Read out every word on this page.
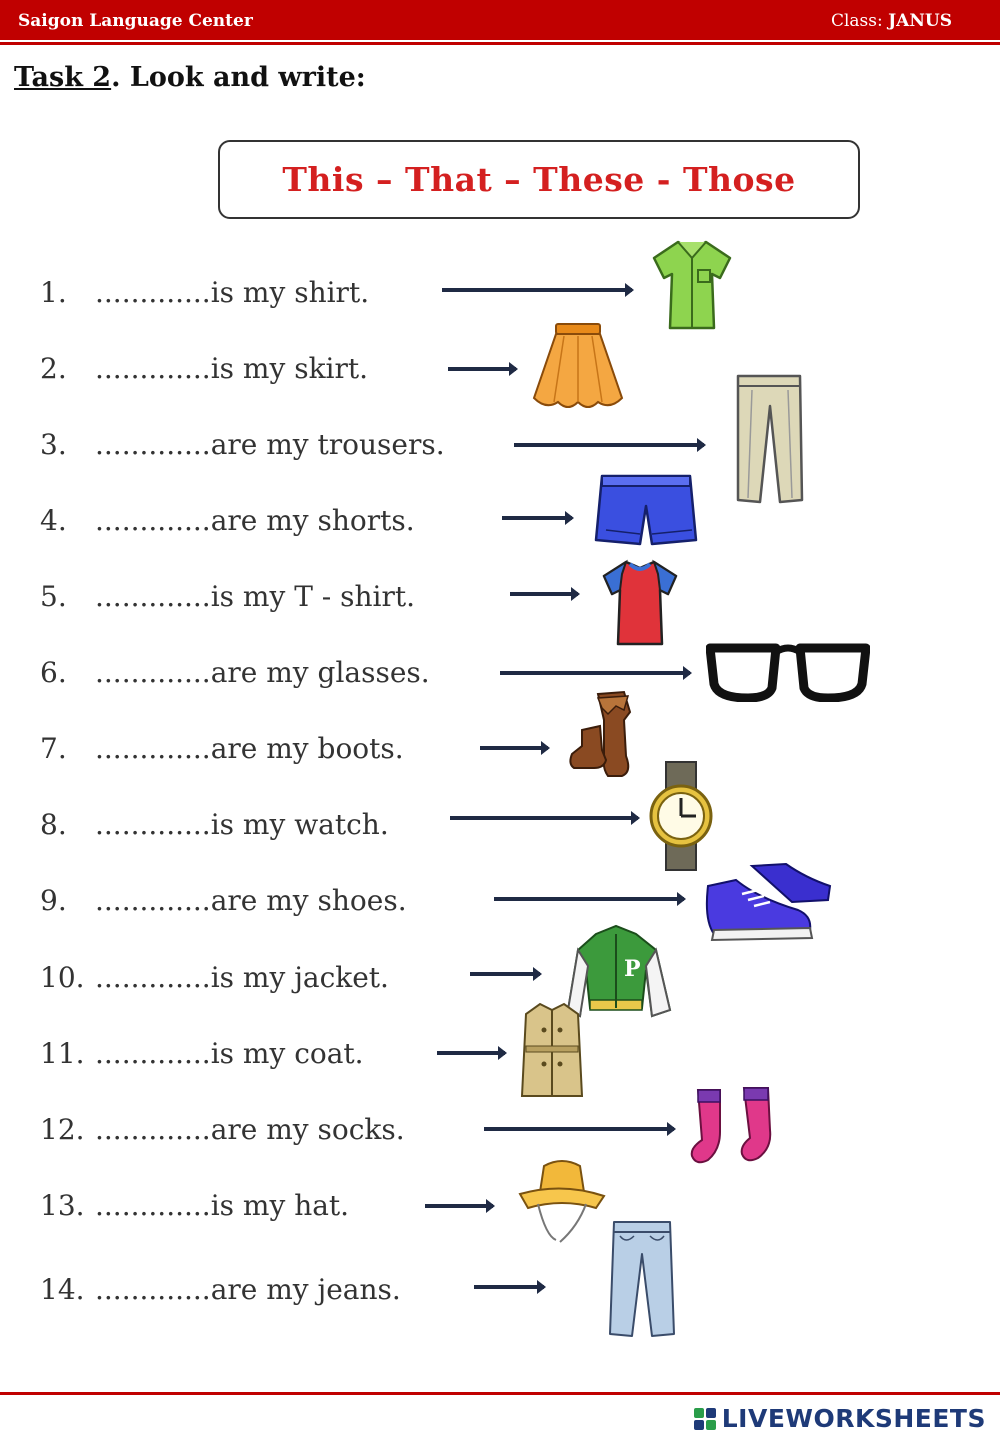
Saigon Language Center	Class: JANUS
Task 2. Look and write:
This – That – These - Those
1.	.............is my shirt.
2.	.............is my skirt.
3.	.............are my trousers.
4.	.............are my shorts.
5.	.............is my T - shirt.
6.	.............are my glasses.
7.	.............are my boots.
8.	.............is my watch.
9.	.............are my shoes.
10. .............is my jacket.
11. .............is my coat.
12. .............are my socks.
13. .............is my hat.
14. .............are my jeans.
P
LIVEWORKSHEETS
